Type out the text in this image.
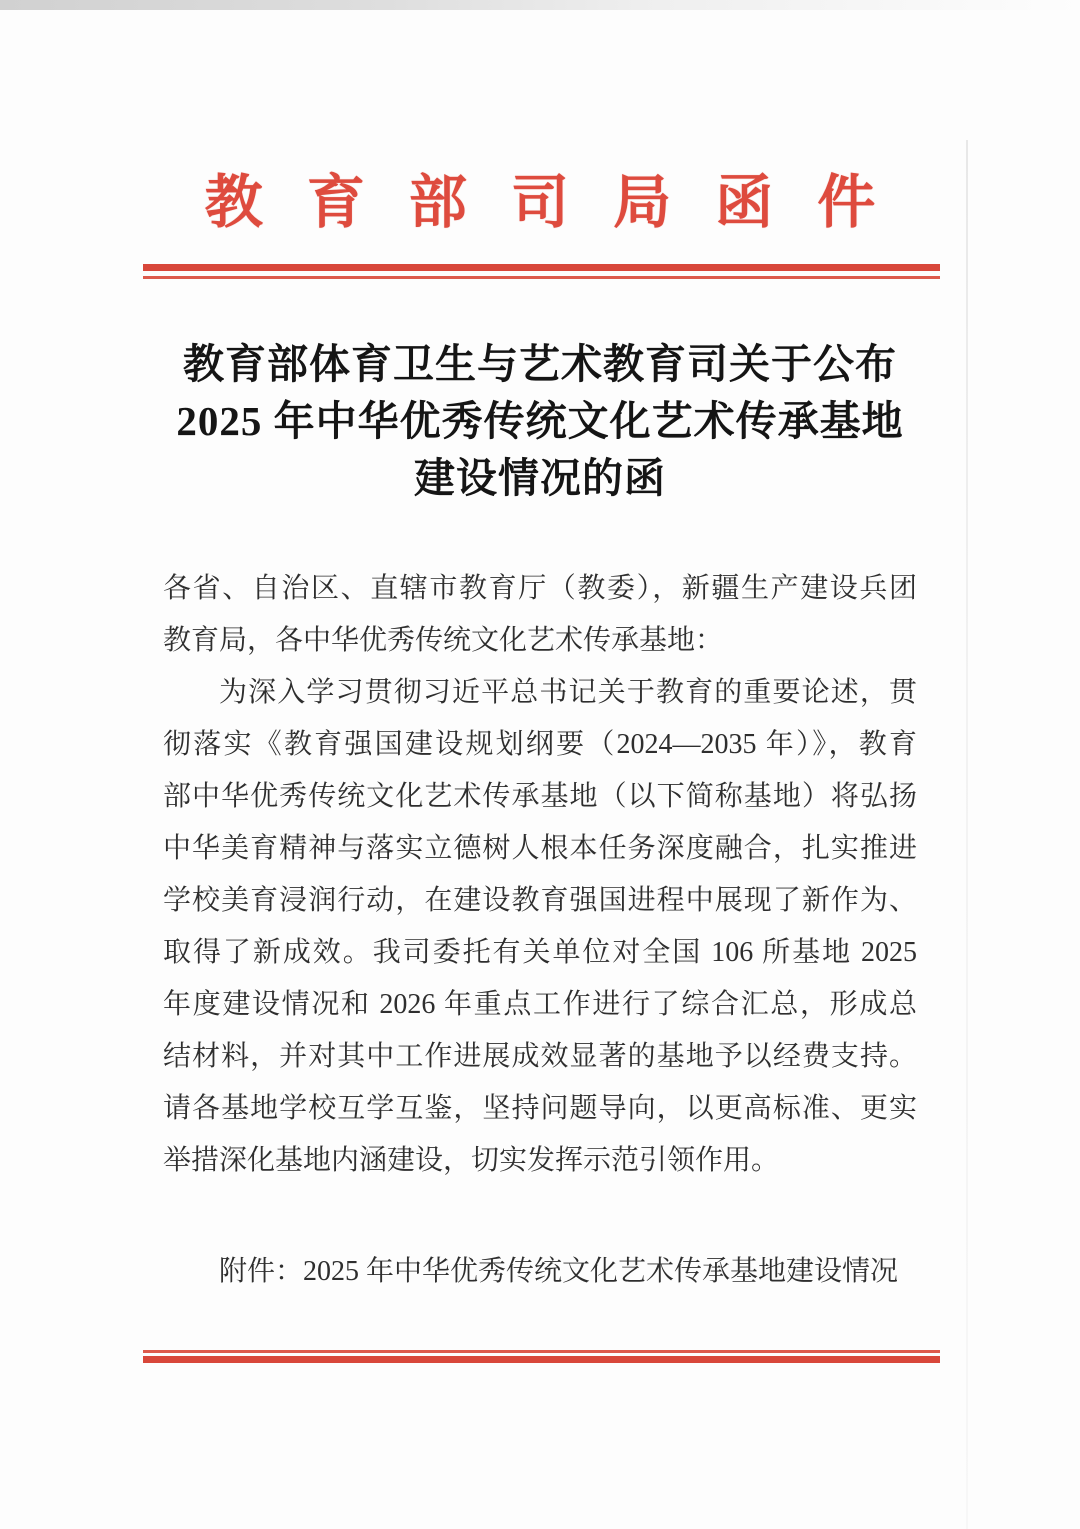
教育部司局函件
教育部体育卫生与艺术教育司关于公布
2025 年中华优秀传统文化艺术传承基地
建设情况的函
各省、自治区、直辖市教育厅（教委），新疆生产建设兵团
教育局，各中华优秀传统文化艺术传承基地：
为深入学习贯彻习近平总书记关于教育的重要论述，贯
彻落实《教育强国建设规划纲要（2024—2035 年）》，教育
部中华优秀传统文化艺术传承基地（以下简称基地）将弘扬
中华美育精神与落实立德树人根本任务深度融合，扎实推进
学校美育浸润行动，在建设教育强国进程中展现了新作为、
取得了新成效。我司委托有关单位对全国 106 所基地 2025
年度建设情况和 2026 年重点工作进行了综合汇总，形成总
结材料，并对其中工作进展成效显著的基地予以经费支持。
请各基地学校互学互鉴，坚持问题导向，以更高标准、更实
举措深化基地内涵建设，切实发挥示范引领作用。
附件：2025 年中华优秀传统文化艺术传承基地建设情况
